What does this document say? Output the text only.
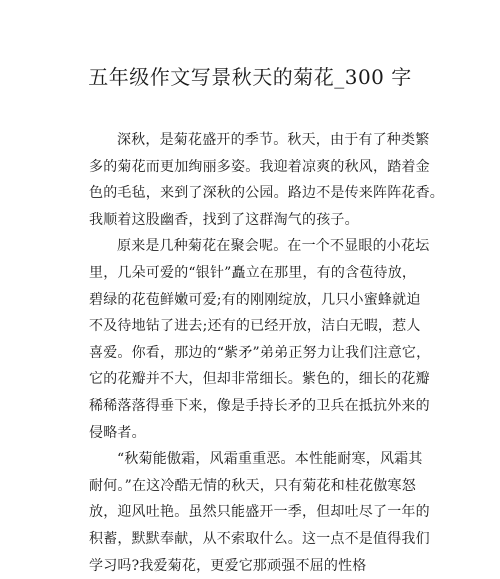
五年级作文写景秋天的菊花_300 字
深秋，是菊花盛开的季节。秋天，由于有了种类繁
多的菊花而更加绚丽多姿。我迎着凉爽的秋风，踏着金
色的毛毡，来到了深秋的公园。路边不是传来阵阵花香。
我顺着这股幽香，找到了这群淘气的孩子。
原来是几种菊花在聚会呢。在一个不显眼的小花坛
里，几朵可爱的“银针”矗立在那里，有的含苞待放，
碧绿的花苞鲜嫩可爱;有的刚刚绽放，几只小蜜蜂就迫
不及待地钻了进去;还有的已经开放，洁白无暇，惹人
喜爱。你看，那边的“紫矛”弟弟正努力让我们注意它，
它的花瓣并不大，但却非常细长。紫色的，细长的花瓣
稀稀落落得垂下来，像是手持长矛的卫兵在抵抗外来的
侵略者。
“秋菊能傲霜，风霜重重恶。本性能耐寒，风霜其
耐何。”在这冷酷无情的秋天，只有菊花和桂花傲寒怒
放，迎风吐艳。虽然只能盛开一季，但却吐尽了一年的
积蓄，默默奉献，从不索取什么。这一点不是值得我们
学习吗?我爱菊花，更爱它那顽强不屈的性格
